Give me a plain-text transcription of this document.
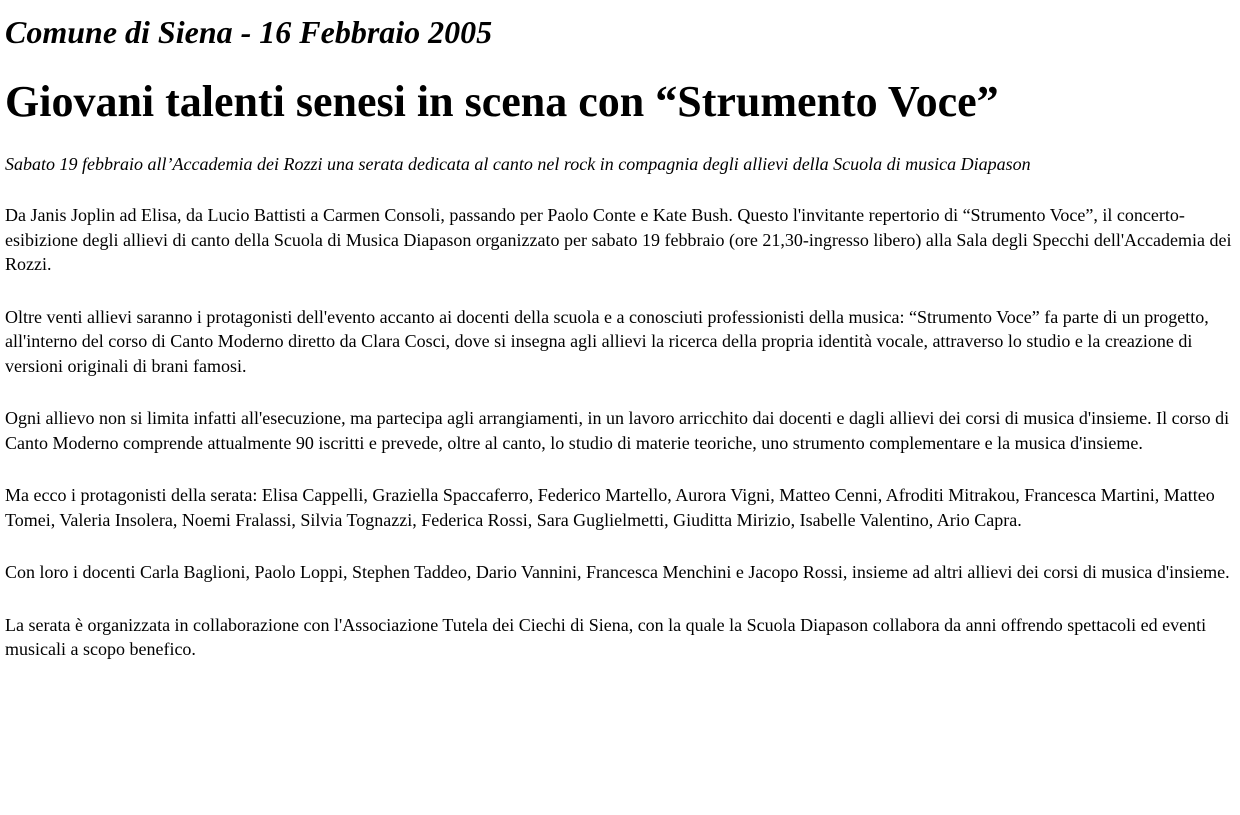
Comune di Siena - 16 Febbraio 2005
Giovani talenti senesi in scena con “Strumento Voce”

Sabato 19 febbraio all’Accademia dei Rozzi una serata dedicata al canto nel rock in compagnia degli allievi della Scuola di musica Diapason

Da Janis Joplin ad Elisa, da Lucio Battisti a Carmen Consoli, passando per Paolo Conte e Kate Bush. Questo l'invitante repertorio di “Strumento Voce”, il concerto-esibizione degli allievi di canto della Scuola di Musica Diapason organizzato per sabato 19 febbraio (ore 21,30-ingresso libero) alla Sala degli Specchi dell'Accademia dei Rozzi.

Oltre venti allievi saranno i protagonisti dell'evento accanto ai docenti della scuola e a conosciuti professionisti della musica: “Strumento Voce” fa parte di un progetto, all'interno del corso di Canto Moderno diretto da Clara Cosci, dove si insegna agli allievi la ricerca della propria identità vocale, attraverso lo studio e la creazione di versioni originali di brani famosi.

Ogni allievo non si limita infatti all'esecuzione, ma partecipa agli arrangiamenti, in un lavoro arricchito dai docenti e dagli allievi dei corsi di musica d'insieme. Il corso di Canto Moderno comprende attualmente 90 iscritti e prevede, oltre al canto, lo studio di materie teoriche, uno strumento complementare e la musica d'insieme.

Ma ecco i protagonisti della serata: Elisa Cappelli, Graziella Spaccaferro, Federico Martello, Aurora Vigni, Matteo Cenni, Afroditi Mitrakou, Francesca Martini, Matteo Tomei, Valeria Insolera, Noemi Fralassi, Silvia Tognazzi, Federica Rossi, Sara Guglielmetti, Giuditta Mirizio, Isabelle Valentino, Ario Capra.

Con loro i docenti Carla Baglioni, Paolo Loppi, Stephen Taddeo, Dario Vannini, Francesca Menchini e Jacopo Rossi, insieme ad altri allievi dei corsi di musica d'insieme.

La serata è organizzata in collaborazione con l'Associazione Tutela dei Ciechi di Siena, con la quale la Scuola Diapason collabora da anni offrendo spettacoli ed eventi musicali a scopo benefico.
